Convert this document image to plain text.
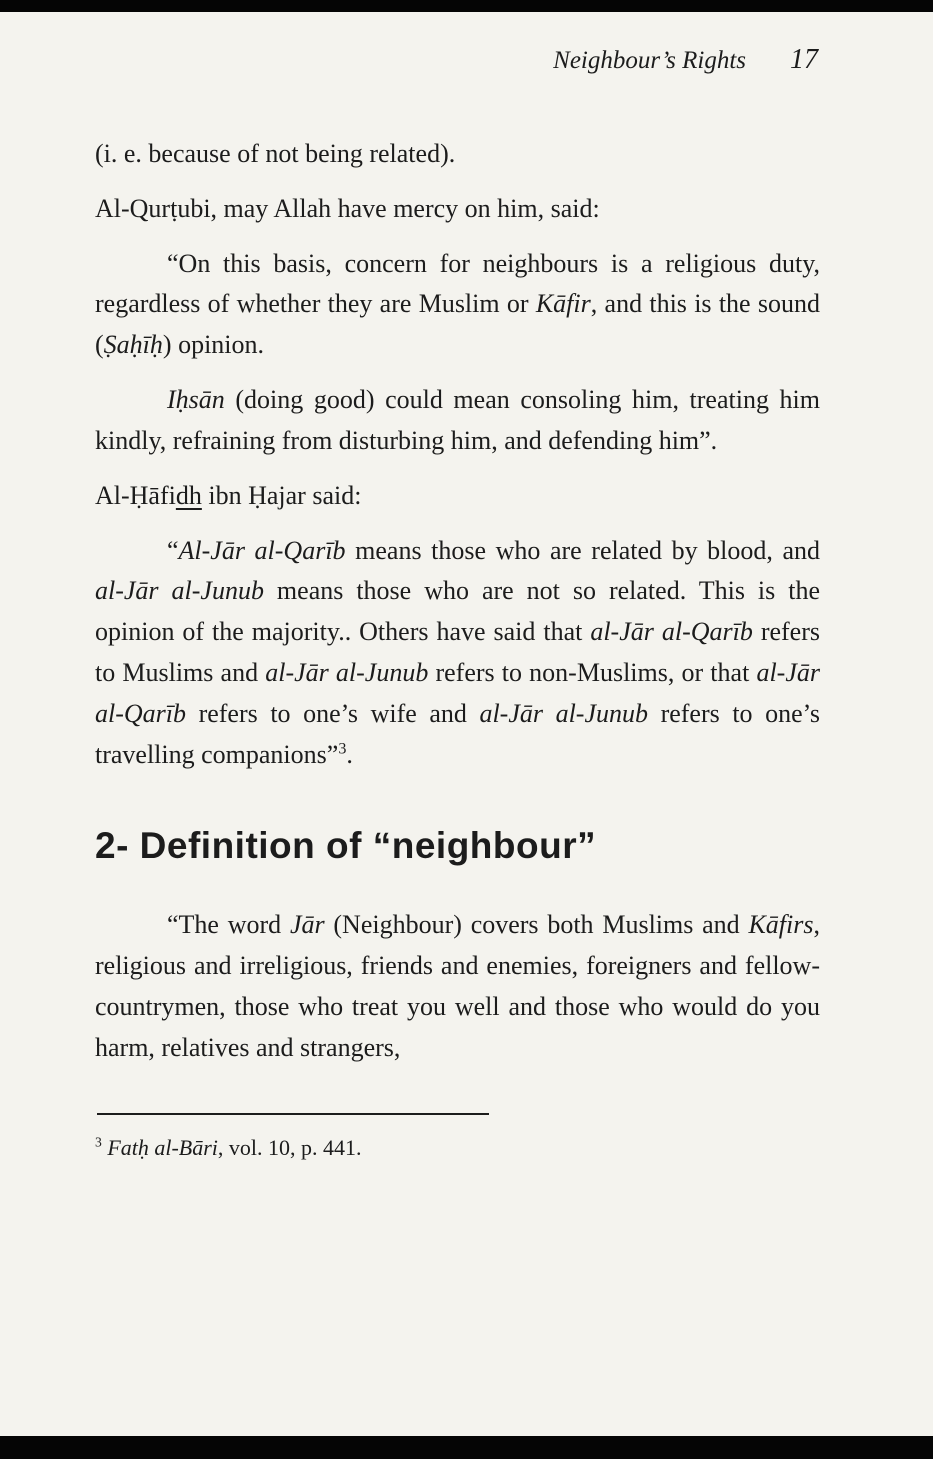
Neighbour’s Rights 17

(i. e. because of not being related).

Al-Qurṭubi, may Allah have mercy on him, said:

“On this basis, concern for neighbours is a religious duty, regardless of whether they are Muslim or Kāfir, and this is the sound (Ṣaḥīḥ) opinion.

Iḥsān (doing good) could mean consoling him, treating him kindly, refraining from disturbing him, and defending him”.

Al-Ḥāfidh ibn Ḥajar said:

“Al-Jār al-Qarīb means those who are related by blood, and al-Jār al-Junub means those who are not so related. This is the opinion of the majority.. Others have said that al-Jār al-Qarīb refers to Muslims and al-Jār al-Junub refers to non-Muslims, or that al-Jār al-Qarīb refers to one’s wife and al-Jār al-Junub refers to one’s travelling companions”$^3$.

2- Definition of “neighbour”

“The word Jār (Neighbour) covers both Muslims and Kāfirs, religious and irreligious, friends and enemies, foreigners and fellow-countrymen, those who treat you well and those who would do you harm, relatives and strangers,

$^3$ Fatḥ al-Bāri, vol. 10, p. 441.
